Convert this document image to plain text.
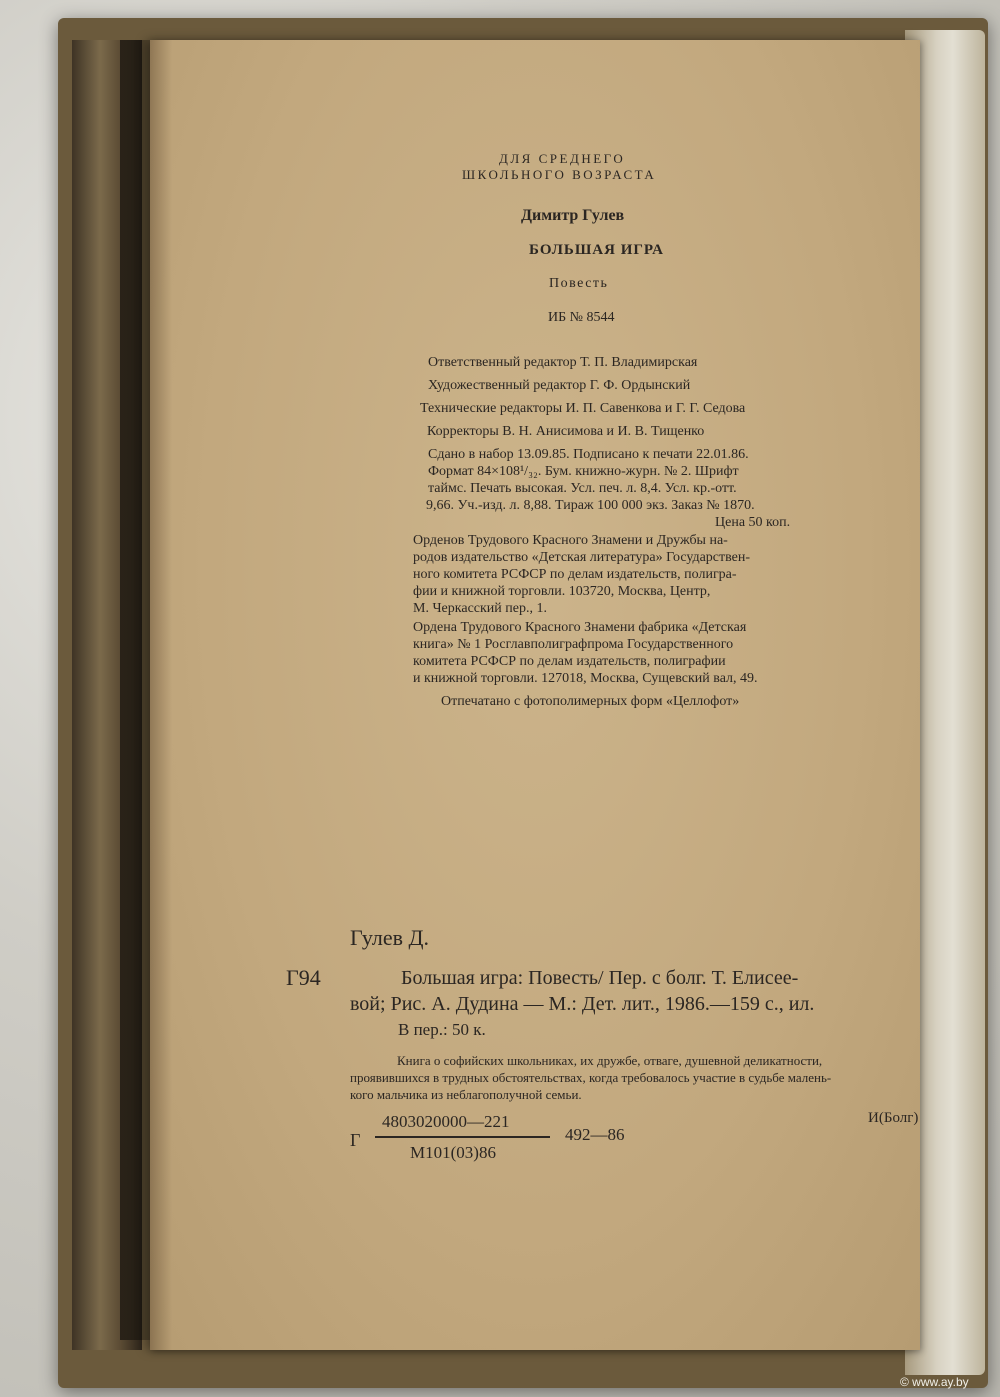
ДЛЯ СРЕДНЕГО

ШКОЛЬНОГО ВОЗРАСТА

Димитр Гулев

БОЛЬШАЯ ИГРА

Повесть

ИБ № 8544

Ответственный редактор Т. П. Владимирская

Художественный редактор Г. Ф. Ордынский

Технические редакторы И. П. Савенкова и Г. Г. Седова

Корректоры В. Н. Анисимова и И. В. Тищенко

Сдано в набор 13.09.85. Подписано к печати 22.01.86.

Формат 84×108¹/₃₂. Бум. книжно-журн. № 2. Шрифт

таймс. Печать высокая. Усл. печ. л. 8,4. Усл. кр.-отт.

9,66. Уч.-изд. л. 8,88. Тираж 100 000 экз. Заказ № 1870.

Цена 50 коп.

Орденов Трудового Красного Знамени и Дружбы на-

родов издательство «Детская литература» Государствен-

ного комитета РСФСР по делам издательств, полигра-

фии и книжной торговли. 103720, Москва, Центр,

М. Черкасский пер., 1.

Ордена Трудового Красного Знамени фабрика «Детская

книга» № 1 Росглавполиграфпрома Государственного

комитета РСФСР по делам издательств, полиграфии

и книжной торговли. 127018, Москва, Сущевский вал, 49.

Отпечатано с фотополимерных форм «Целлофот»

Гулев Д.

Г94	Большая игра: Повесть/ Пер. с болг. Т. Елисее-

вой; Рис. А. Дудина — М.: Дет. лит., 1986.—159 с., ил.

В пер.: 50 к.

Книга о софийских школьниках, их дружбе, отваге, душевной деликатности,

проявившихся в трудных обстоятельствах, когда требовалось участие в судьбе малень-

кого мальчика из неблагополучной семьи.

Г

4803020000—221

М101(03)86

492—86

И(Болг)

© www.ay.by
